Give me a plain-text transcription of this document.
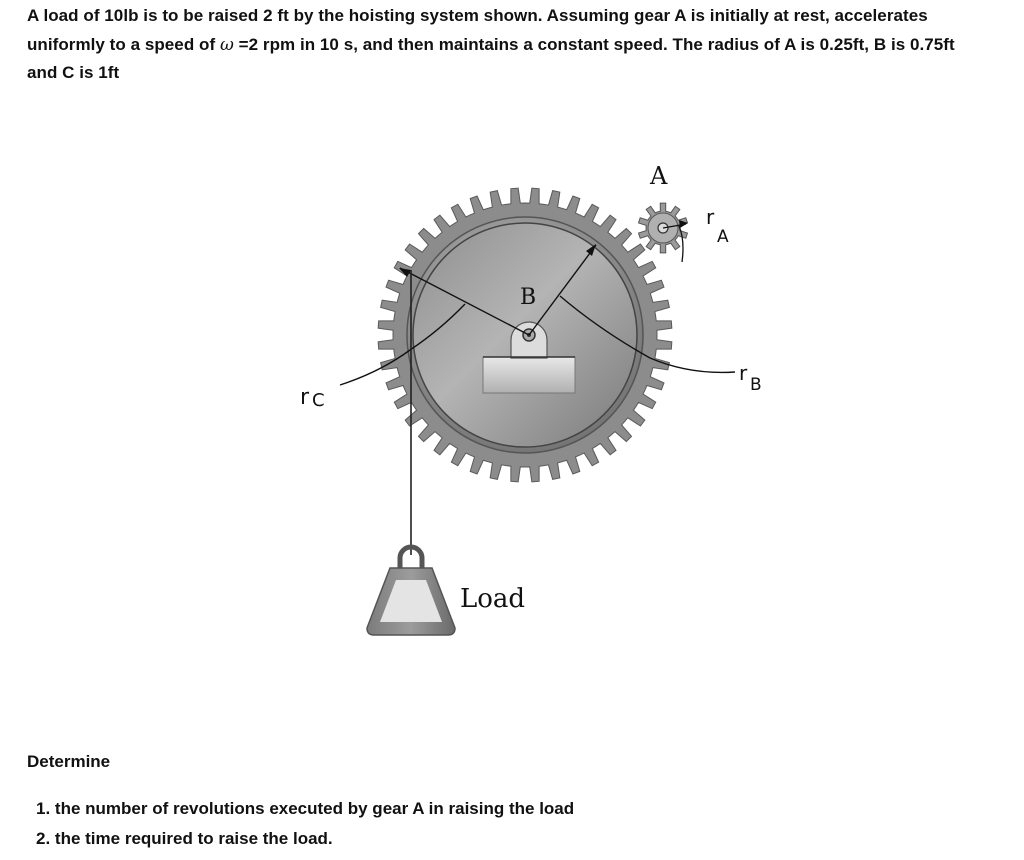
A load of 10lb is to be raised 2 ft by the hoisting system shown. Assuming gear A is initially at rest, accelerates
uniformly to a speed of ω =2 rpm in 10 s, and then maintains a constant speed. The radius of A is 0.25ft, B is 0.75ft
and C is 1ft
A
B
Load
r
A
r B
r C
Determine
1. the number of revolutions executed by gear A in raising the load
2. the time required to raise the load.
